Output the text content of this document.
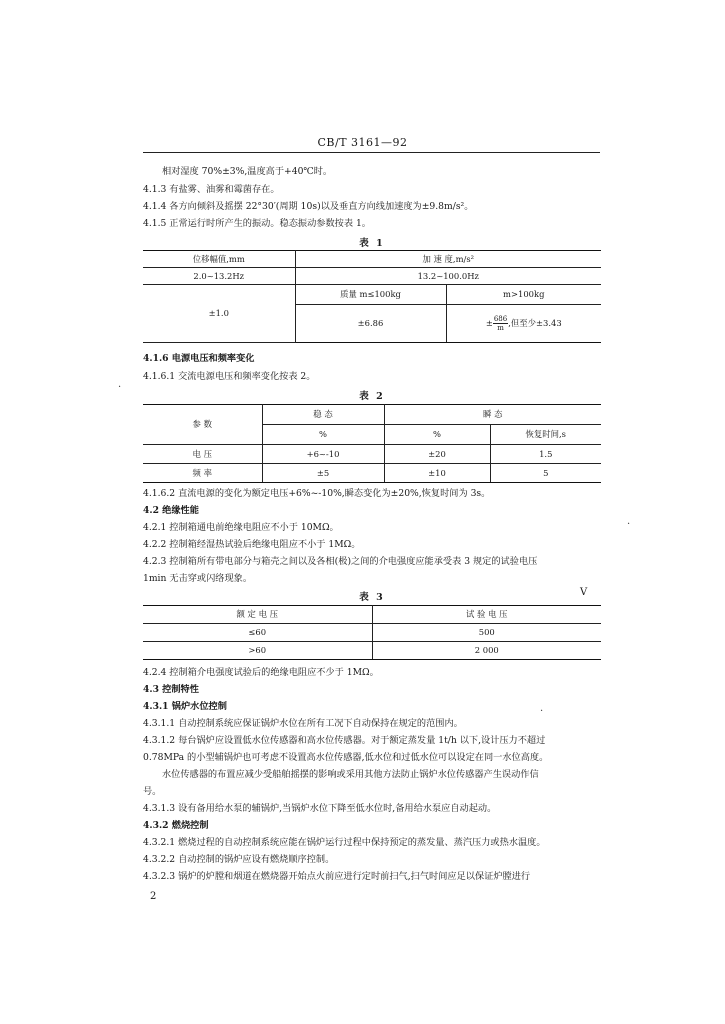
CB/T 3161—92
相对湿度 70%±3%,温度高于+40℃时。
4.1.3 有盐雾、油雾和霉菌存在。
4.1.4 各方向倾斜及摇摆 22°30′(周期 10s)以及垂直方向线加速度为±9.8m/s²。
4.1.5 正常运行时所产生的振动。稳态振动参数按表 1。
表 1
位移幅值,mm	加 速 度,m/s²	
2.0~13.2Hz	13.2~100.0Hz	
±1.0	质量 m≤100kg	m>100kg
	±6.86	± $\frac{686}{m}$ ,但至少±3.43
4.1.6 电源电压和频率变化
4.1.6.1 交流电源电压和频率变化按表 2。
表 2
参 数	稳 态	瞬 态	
	%	%	恢复时间,s
电 压	+6~-10	±20	1.5
频 率	±5	±10	5
4.1.6.2 直流电源的变化为额定电压+6%~-10%,瞬态变化为±20%,恢复时间为 3s。
4.2 绝缘性能
4.2.1 控制箱通电前绝缘电阻应不小于 10MΩ。
4.2.2 控制箱经湿热试验后绝缘电阻应不小于 1MΩ。
4.2.3 控制箱所有带电部分与箱壳之间以及各相(极)之间的介电强度应能承受表 3 规定的试验电压
1min 无击穿或闪络现象。
表 3	V
额 定 电 压	试 验 电 压
≤60	500
>60	2 000
4.2.4 控制箱介电强度试验后的绝缘电阻应不少于 1MΩ。
4.3 控制特性
4.3.1 锅炉水位控制
4.3.1.1 自动控制系统应保证锅炉水位在所有工况下自动保持在规定的范围内。
4.3.1.2 每台锅炉应设置低水位传感器和高水位传感器。对于额定蒸发量 1t/h 以下,设计压力不超过
0.78MPa 的小型辅锅炉也可考虑不设置高水位传感器,低水位和过低水位可以设定在同一水位高度。
水位传感器的布置应减少受船舶摇摆的影响或采用其他方法防止锅炉水位传感器产生误动作信
号。
4.3.1.3 设有备用给水泵的辅锅炉,当锅炉水位下降至低水位时,备用给水泵应自动起动。
4.3.2 燃烧控制
4.3.2.1 燃烧过程的自动控制系统应能在锅炉运行过程中保持预定的蒸发量、蒸汽压力或热水温度。
4.3.2.2 自动控制的锅炉应设有燃烧顺序控制。
4.3.2.3 锅炉的炉膛和烟道在燃烧器开始点火前应进行定时前扫气,扫气时间应足以保证炉膛进行
2
·
·
·
